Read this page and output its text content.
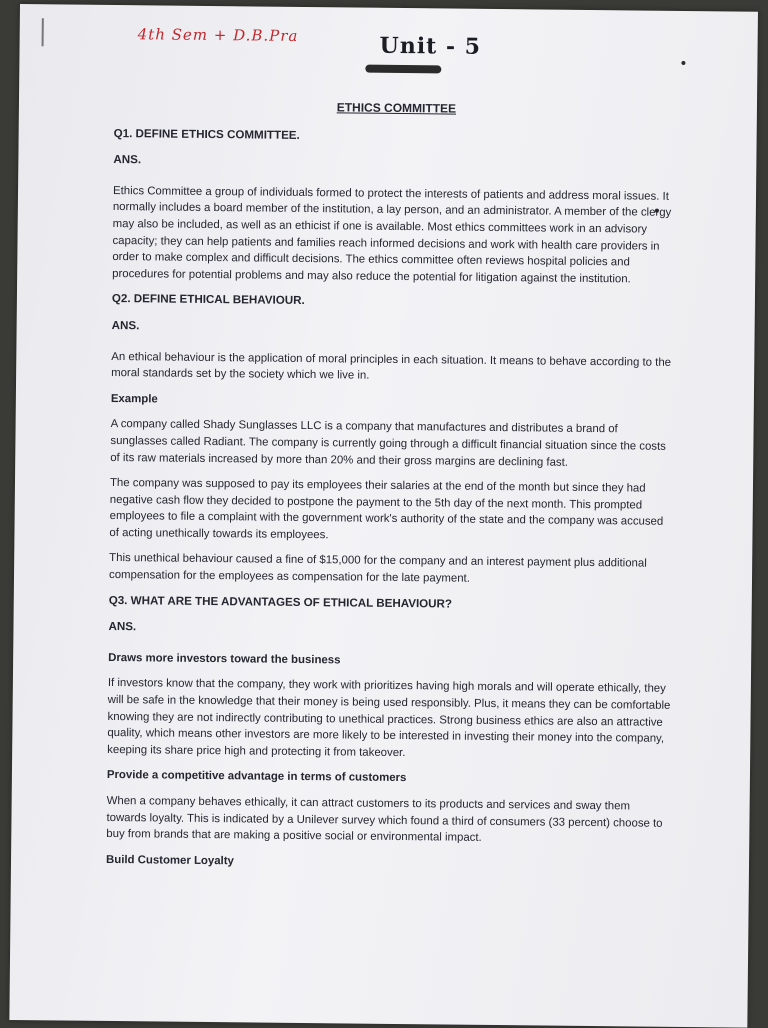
4th Sem + D.B.Pra	Unit - 5
ETHICS COMMITTEE
Q1. DEFINE ETHICS COMMITTEE.
ANS.

Ethics Committee a group of individuals formed to protect the interests of patients and address moral issues. It normally includes a board member of the institution, a lay person, and an administrator. A member of the clergy may also be included, as well as an ethicist if one is available. Most ethics committees work in an advisory capacity; they can help patients and families reach informed decisions and work with health care providers in order to make complex and difficult decisions. The ethics committee often reviews hospital policies and procedures for potential problems and may also reduce the potential for litigation against the institution.

Q2. DEFINE ETHICAL BEHAVIOUR.
ANS.

An ethical behaviour is the application of moral principles in each situation. It means to behave according to the moral standards set by the society which we live in.

Example

A company called Shady Sunglasses LLC is a company that manufactures and distributes a brand of sunglasses called Radiant. The company is currently going through a difficult financial situation since the costs of its raw materials increased by more than 20% and their gross margins are declining fast.

The company was supposed to pay its employees their salaries at the end of the month but since they had negative cash flow they decided to postpone the payment to the 5th day of the next month. This prompted employees to file a complaint with the government work's authority of the state and the company was accused of acting unethically towards its employees.

This unethical behaviour caused a fine of $15,000 for the company and an interest payment plus additional compensation for the employees as compensation for the late payment.

Q3. WHAT ARE THE ADVANTAGES OF ETHICAL BEHAVIOUR?
ANS.
Draws more investors toward the business

If investors know that the company, they work with prioritizes having high morals and will operate ethically, they will be safe in the knowledge that their money is being used responsibly. Plus, it means they can be comfortable knowing they are not indirectly contributing to unethical practices. Strong business ethics are also an attractive quality, which means other investors are more likely to be interested in investing their money into the company, keeping its share price high and protecting it from takeover.

Provide a competitive advantage in terms of customers

When a company behaves ethically, it can attract customers to its products and services and sway them towards loyalty. This is indicated by a Unilever survey which found a third of consumers (33 percent) choose to buy from brands that are making a positive social or environmental impact.

Build Customer Loyalty
